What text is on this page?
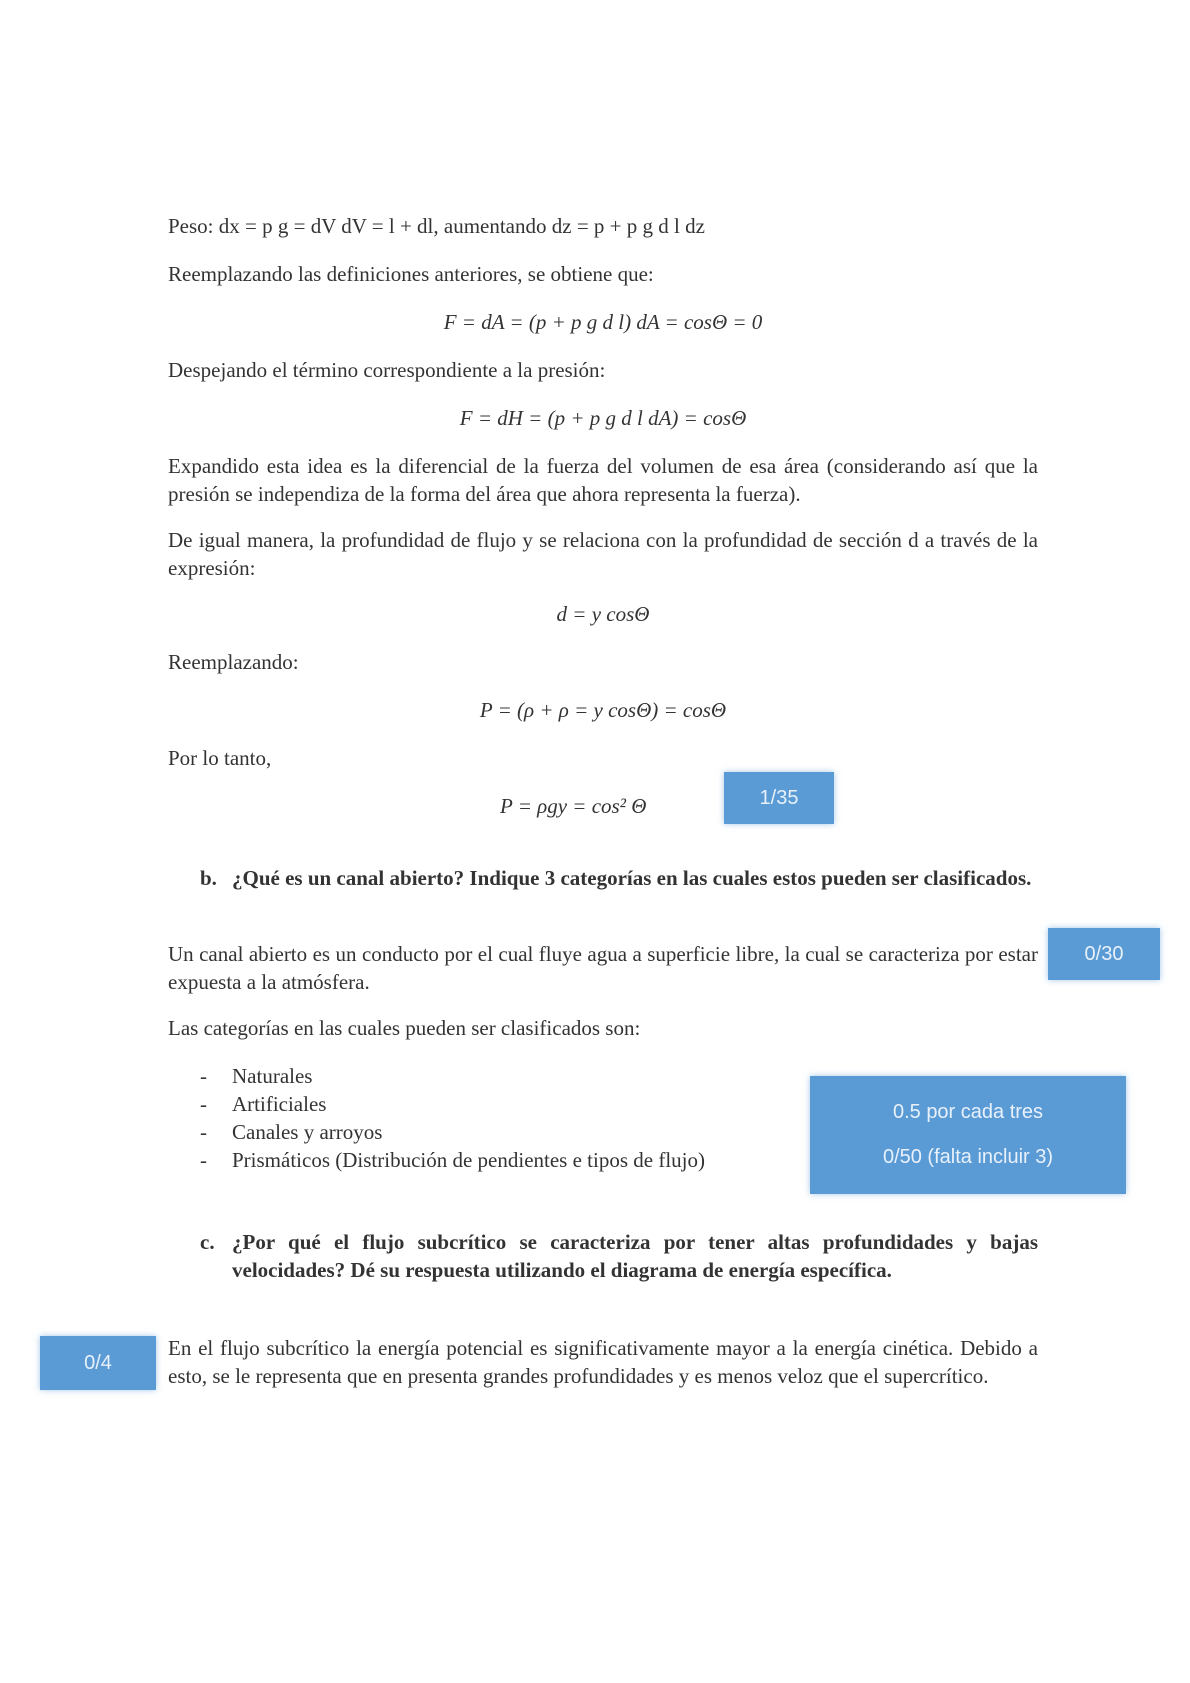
Peso: dx = p g = dV dV = l + dl, aumentando dz = p + p g d l dz

Reemplazando las definiciones anteriores, se obtiene que:

F = dA = (p + p g d l) dA = cosΘ = 0

Despejando el término correspondiente a la presión:

F = dH = (p + p g d l dA) = cosΘ

Expandido esta idea es la diferencial de la fuerza del volumen de esa área (considerando así que la presión se independiza de la forma del área que ahora representa la fuerza).

De igual manera, la profundidad de flujo y se relaciona con la profundidad de sección d a través de la expresión:

d = y cosΘ

Reemplazando:

P = (ρ + ρ = y cosΘ) = cosΘ

Por lo tanto,

P = ρgy = cos² Θ	1/35
b. ¿Qué es un canal abierto? Indique 3 categorías en las cuales estos pueden ser clasificados.

Un canal abierto es un conducto por el cual fluye agua a superficie libre, la cual se caracteriza por estar expuesta a la atmósfera.

0/30

Las categorías en las cuales pueden ser clasificados son:

- Naturales
- Artificiales
- Canales y arroyos
- Prismáticos (Distribución de pendientes e tipos de flujo)
0.5 por cada tres
0/50 (falta incluir 3)
c. ¿Por qué el flujo subcrítico se caracteriza por tener altas profundidades y bajas velocidades? Dé su respuesta utilizando el diagrama de energía específica.

En el flujo subcrítico la energía potencial es significativamente mayor a la energía cinética. Debido a esto, se le representa que en presenta grandes profundidades y es menos veloz que el supercrítico.

0/4
